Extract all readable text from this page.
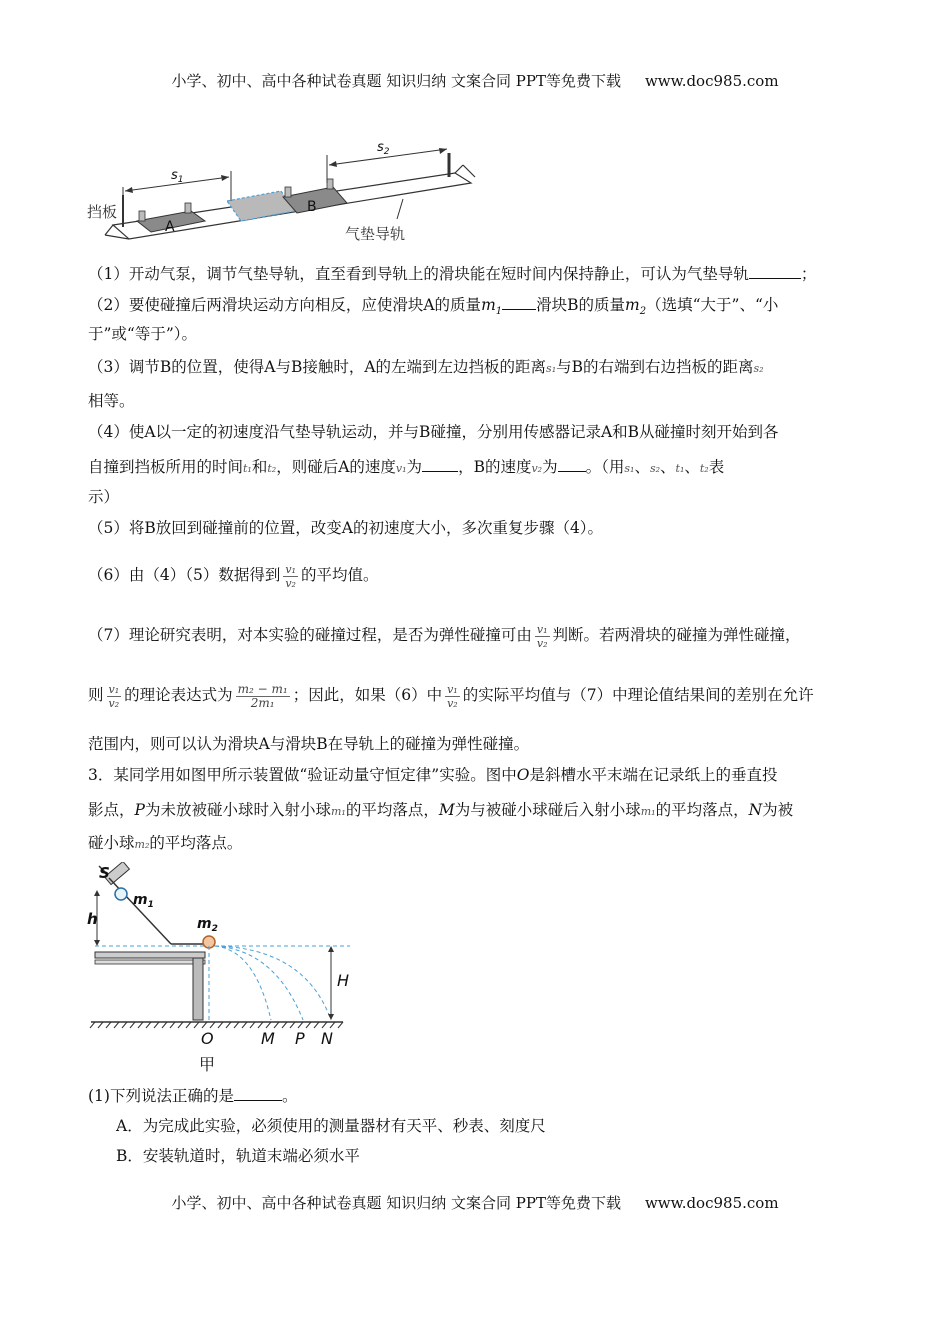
小学、初中、高中各种试卷真题 知识归纳 文案合同 PPT等免费下载 www.doc985.com
A
B
$s_1$
$s_2$
气垫导轨
挡板
（1）开动气泵，调节气垫导轨，直至看到导轨上的滑块能在短时间内保持静止，可认为气垫导轨	；
（2）要使碰撞后两滑块运动方向相反，应使滑块A的质量$m_1$ 滑块B的质量$m_2$（选填“大于”、“小
于”或“等于”）。
（3）调节B的位置，使得A与B接触时，A的左端到左边挡板的距离s₁与B的右端到右边挡板的距离s₂
相等。
（4）使A以一定的初速度沿气垫导轨运动，并与B碰撞，分别用传感器记录A和B从碰撞时刻开始到各
自撞到挡板所用的时间t₁和t₂，则碰后A的速度v₁为 ，B的速度v₂为 。（用s₁、s₂、t₁、t₂表
示）
（5）将B放回到碰撞前的位置，改变A的初速度大小，多次重复步骤（4）。
（6）由（4）（5）数据得到 $\frac{\text{v₁}}{\text{v₂}}$ 的平均值。
（7）理论研究表明，对本实验的碰撞过程，是否为弹性碰撞可由 $\frac{\text{v₁}}{\text{v₂}}$ 判断。若两滑块的碰撞为弹性碰撞，
则 $\frac{\text{v₁}}{\text{v₂}}$ 的理论表达式为 $\frac{\text{m₂ − m₁}}{\text{2m₁}}$ ；因此，如果（6）中 $\frac{\text{v₁}}{\text{v₂}}$ 的实际平均值与（7）中理论值结果间的差别在允许
范围内，则可以认为滑块A与滑块B在导轨上的碰撞为弹性碰撞。
3．某同学用如图甲所示装置做“验证动量守恒定律”实验。图中O是斜槽水平末端在记录纸上的垂直投
影点，P为未放被碰小球时入射小球m₁的平均落点，M为与被碰小球碰后入射小球m₁的平均落点，N为被
碰小球m₂的平均落点。
S
$m_1$
h	$m_2$
H
O	M P N
甲
(1)下列说法正确的是	。
A．为完成此实验，必须使用的测量器材有天平、秒表、刻度尺
B．安装轨道时，轨道末端必须水平
小学、初中、高中各种试卷真题 知识归纳 文案合同 PPT等免费下载 www.doc985.com
